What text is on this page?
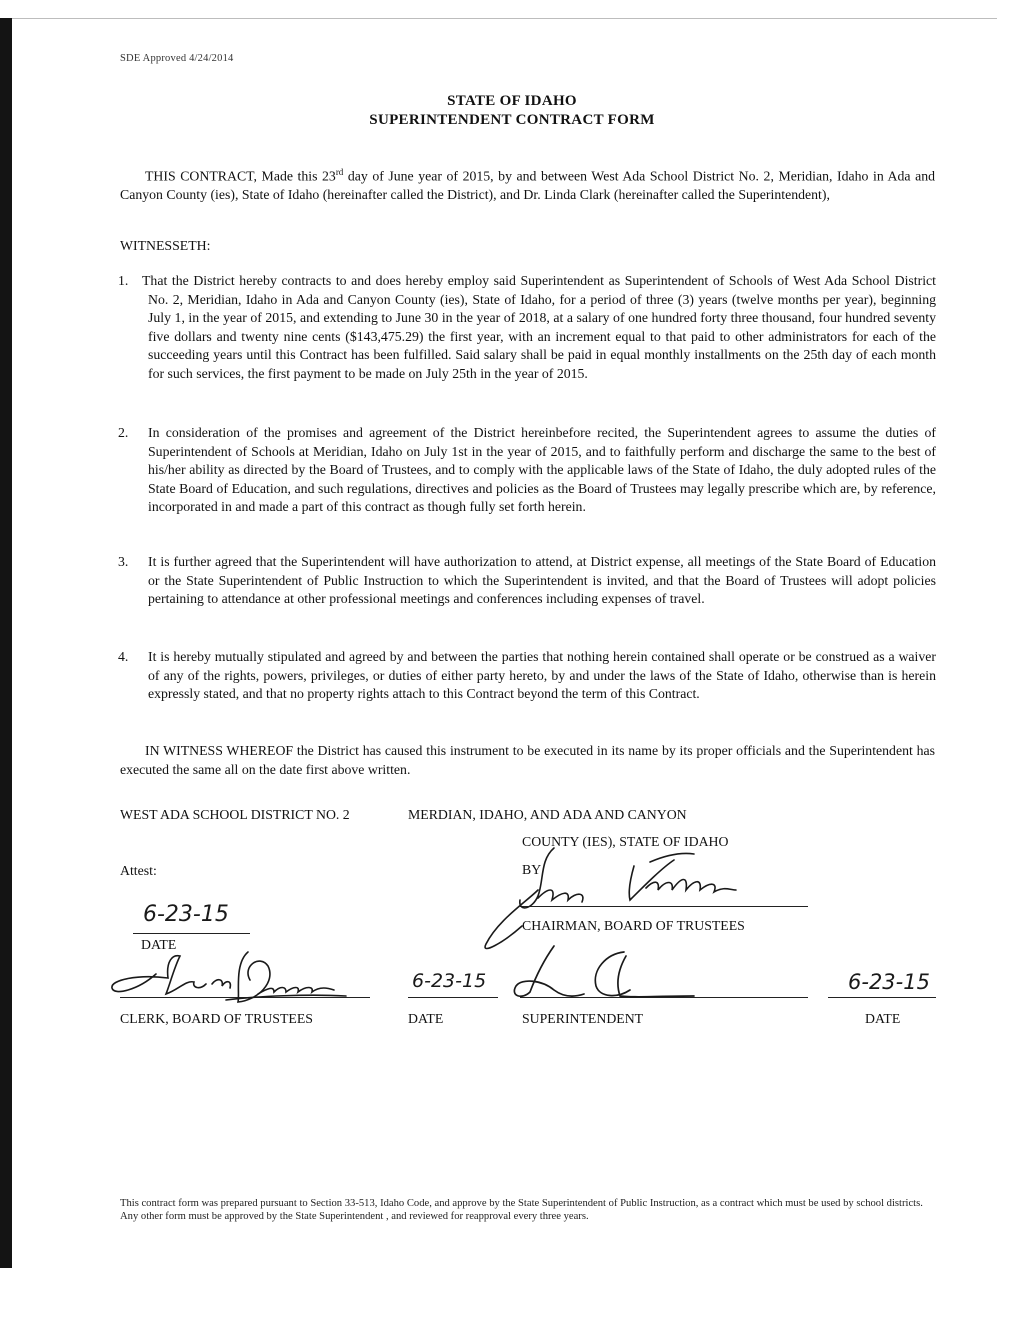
SDE Approved 4/24/2014
STATE OF IDAHO
SUPERINTENDENT CONTRACT FORM
THIS CONTRACT, Made this 23rd day of June year of 2015, by and between West Ada School District No. 2, Meridian, Idaho in Ada and Canyon County (ies), State of Idaho (hereinafter called the District), and Dr. Linda Clark (hereinafter called the Superintendent),
WITNESSETH:
1. That the District hereby contracts to and does hereby employ said Superintendent as Superintendent of Schools of West Ada School District No. 2, Meridian, Idaho in Ada and Canyon County (ies), State of Idaho, for a period of three (3) years (twelve months per year), beginning July 1, in the year of 2015, and extending to June 30 in the year of 2018, at a salary of one hundred forty three thousand, four hundred seventy five dollars and twenty nine cents ($143,475.29) the first year, with an increment equal to that paid to other administrators for each of the succeeding years until this Contract has been fulfilled. Said salary shall be paid in equal monthly installments on the 25th day of each month for such services, the first payment to be made on July 25th in the year of 2015.
2. In consideration of the promises and agreement of the District hereinbefore recited, the Superintendent agrees to assume the duties of Superintendent of Schools at Meridian, Idaho on July 1st in the year of 2015, and to faithfully perform and discharge the same to the best of his/her ability as directed by the Board of Trustees, and to comply with the applicable laws of the State of Idaho, the duly adopted rules of the State Board of Education, and such regulations, directives and policies as the Board of Trustees may legally prescribe which are, by reference, incorporated in and made a part of this contract as though fully set forth herein.
3. It is further agreed that the Superintendent will have authorization to attend, at District expense, all meetings of the State Board of Education or the State Superintendent of Public Instruction to which the Superintendent is invited, and that the Board of Trustees will adopt policies pertaining to attendance at other professional meetings and conferences including expenses of travel.
4. It is hereby mutually stipulated and agreed by and between the parties that nothing herein contained shall operate or be construed as a waiver of any of the rights, powers, privileges, or duties of either party hereto, by and under the laws of the State of Idaho, otherwise than is herein expressly stated, and that no property rights attach to this Contract beyond the term of this Contract.
IN WITNESS WHEREOF the District has caused this instrument to be executed in its name by its proper officials and the Superintendent has executed the same all on the date first above written.
WEST ADA SCHOOL DISTRICT NO. 2	MERDIAN, IDAHO, AND ADA AND CANYON
COUNTY (IES), STATE OF IDAHO
Attest:	BY
CHAIRMAN, BOARD OF TRUSTEES
DATE
CLERK, BOARD OF TRUSTEES	DATE	SUPERINTENDENT	DATE
6-23-15
6-23-15	6-23-15
This contract form was prepared pursuant to Section 33-513, Idaho Code, and approve by the State Superintendent of Public Instruction, as a contract which must be used by school districts. Any other form must be approved by the State Superintendent , and reviewed for reapproval every three years.
